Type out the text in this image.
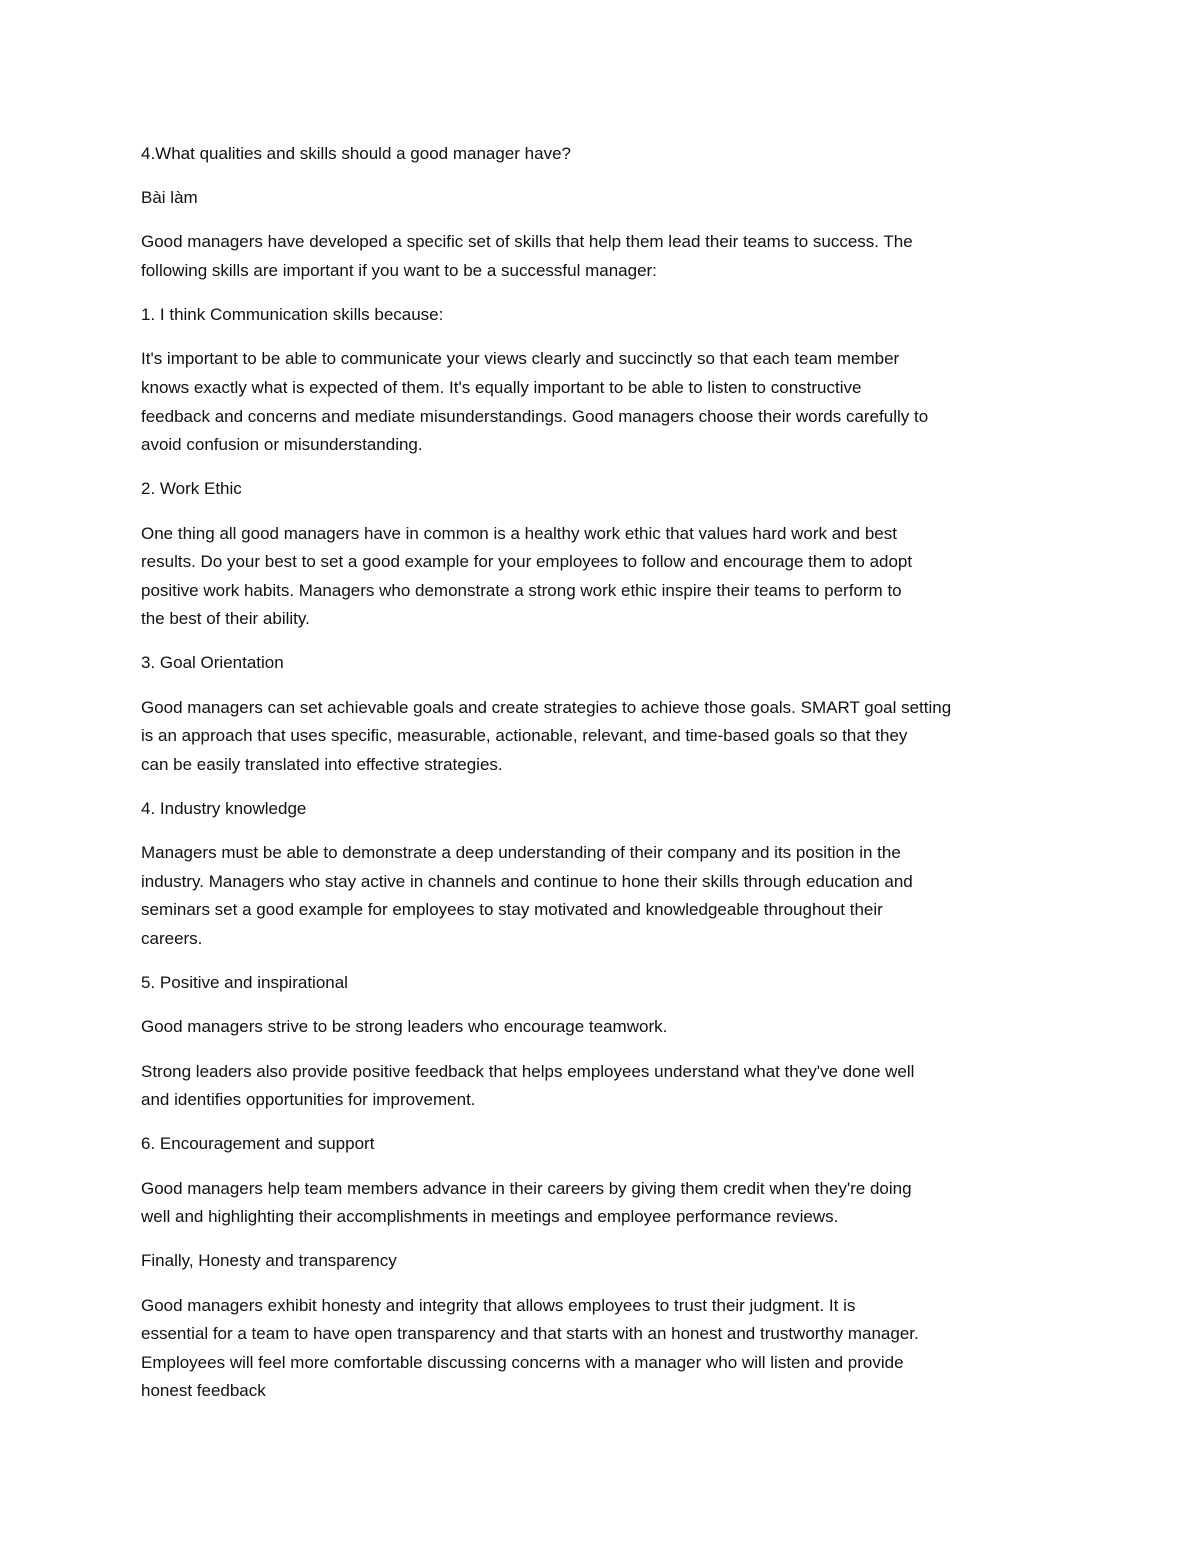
4.What qualities and skills should a good manager have?

Bài làm

Good managers have developed a specific set of skills that help them lead their teams to success. The
following skills are important if you want to be a successful manager:

1. I think Communication skills because:

It's important to be able to communicate your views clearly and succinctly so that each team member
knows exactly what is expected of them. It's equally important to be able to listen to constructive
feedback and concerns and mediate misunderstandings. Good managers choose their words carefully to
avoid confusion or misunderstanding.

2. Work Ethic

One thing all good managers have in common is a healthy work ethic that values hard work and best
results. Do your best to set a good example for your employees to follow and encourage them to adopt
positive work habits. Managers who demonstrate a strong work ethic inspire their teams to perform to
the best of their ability.

3. Goal Orientation

Good managers can set achievable goals and create strategies to achieve those goals. SMART goal setting
is an approach that uses specific, measurable, actionable, relevant, and time-based goals so that they
can be easily translated into effective strategies.

4. Industry knowledge

Managers must be able to demonstrate a deep understanding of their company and its position in the
industry. Managers who stay active in channels and continue to hone their skills through education and
seminars set a good example for employees to stay motivated and knowledgeable throughout their
careers.

5. Positive and inspirational

Good managers strive to be strong leaders who encourage teamwork.

Strong leaders also provide positive feedback that helps employees understand what they've done well
and identifies opportunities for improvement.

6. Encouragement and support

Good managers help team members advance in their careers by giving them credit when they're doing
well and highlighting their accomplishments in meetings and employee performance reviews.

Finally, Honesty and transparency

Good managers exhibit honesty and integrity that allows employees to trust their judgment. It is
essential for a team to have open transparency and that starts with an honest and trustworthy manager.
Employees will feel more comfortable discussing concerns with a manager who will listen and provide
honest feedback
